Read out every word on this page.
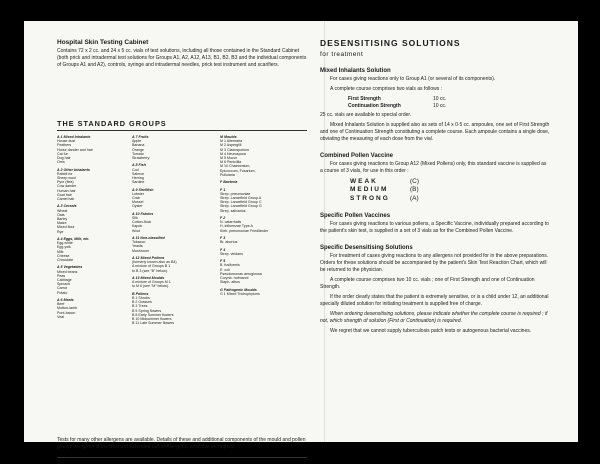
Hospital Skin Testing Cabinet

Contains 72 x 2 cc. and 24 x 5 cc. vials of test solutions, including all those contained in the Standard Cabinet (both prick and intradermal test solutions for Groups A1, A2, A12, A13, B1, B2, B3 and the individual components of Groups A1 and A2), controls, syringe and intradermal needles, prick test instrument and scarifiers.

THE STANDARD GROUPS
A 1 Mixed Inhalants
House dust
Feathers
Horse dander and hair
Cat fur
Dog hair
Orris
A 2 Other Inhalants
Rabbit fur
Sheep wool
Pyre (flea)
Cow dander
Human hair
Goat hair
Camel hair
A 3 Cereals
Wheat
Oats
Barley
Maize
Mixed flour
Rye
A 4 Eggs, Milk, etc.
Egg white
Egg yolk
Milk
Cheese
Chocolate
A 5 Vegetables
Mixed beans
Peas
Cabbage
Spinach
Carrot
Potato
A 6 Meats
Beef
Mutton-lamb
Pork-bacon
Veal
A 7 Fruits
Apple
Banana
Orange
Tomato
Strawberry
A 8 Fish
Cod
Salmon
Herring
Sardine
A 9 Shellfish
Lobster
Crab
Mussel
Oyster
A 10 Fabrics
Silk
Cotton-flock
Kapok
Wool
A 11 Non-classified
Tobacco
Yeasts
Mushroom
A 12 Mixed Pollens
(formerly known also as B4)
A mixture of Groups B 1
to B 3 (see "B" below).
A 13 Mixed Moulds
A mixture of Groups M 1
to M 6 (see "M" below).
B Pollens
B 1 Shrubs
B 2 Grasses
B 3 Trees
B 5 Spring flowers
B 8 Early Summer flowers
B 10 Midsummer flowers
B 11 Late Summer flowers
M Moulds
M 1 Alternaria
M 2 Aspergilli
M 3 Cladosporium
M 4 Neurospora
M 5 Mucor
M 6 Penicillia
M 10 Chaetomium,
Epicoccum, Fusarium,
Pullularia
F Bacteria
F 1
Strep. pneumoniae
Strep. Lancefield Group A
Strep. Lancefield Group C
Strep. Lancefield Group G
Strep. salivarius
F 2
N. catarrhalis
H. influenzae Type A
Kleb. pneumoniae Friedländer
F 3
Br. abortus
F 4
Strep. viridans
F 5
B. fusiformis
E. coli
Pseudomonas aeruginosa
Corynb. hofmanni
Staph. albus
G Pathogenic Moulds
G 1 Mixed Trichophytons

Tests for many other allergens are available. Details of these and additional components of the mould and pollen groups are given in the Bencard Extended List of Allergens, available on request.

DESENSITISING SOLUTIONS

for treatment

Mixed Inhalants Solution

For cases giving reactions only to Group A1 (or several of its components).

A complete course comprises two vials as follows :

First Strength	10 cc.
Continuation Strength	10 cc.

25 cc. vials are available to special order.

Mixed Inhalants Solution is supplied also as sets of 14 x 0·5 cc. ampoules, one set of First Strength and one of Continuation Strength constituting a complete course. Each ampoule contains a single dose, obviating the measuring of each dose from the vial.

Combined Pollen Vaccine

For cases giving reactions to Group A12 (Mixed Pollens) only, this standard vaccine is supplied as a course of 3 vials, for use in this order :

WEAK	(C)
MEDIUM	(B)
STRONG	(A)

Specific Pollen Vaccines

For cases giving reactions to various pollens, a Specific Vaccine, individually prepared according to the patient's skin test, is supplied in a set of 3 vials as for the Combined Pollen Vaccine.

Specific Desensitising Solutions

For treatment of cases giving reactions to any allergens not provided for in the above preparations. Orders for these solutions should be accompanied by the patient's Skin Test Reaction Chart, which will be returned to the physician.

A complete course comprises two 10 cc. vials ; one of First Strength and one of Continuation Strength.

If the order clearly states that the patient is extremely sensitive, or is a child under 12, an additional specially diluted solution for initiating treatment is supplied free of charge.

When ordering desensitising solutions, please indicate whether the complete course is required ; if not, which strength of solution (First or Continuation) is required.

We regret that we cannot supply tuberculosis patch tests or autogenous bacterial vaccines.
